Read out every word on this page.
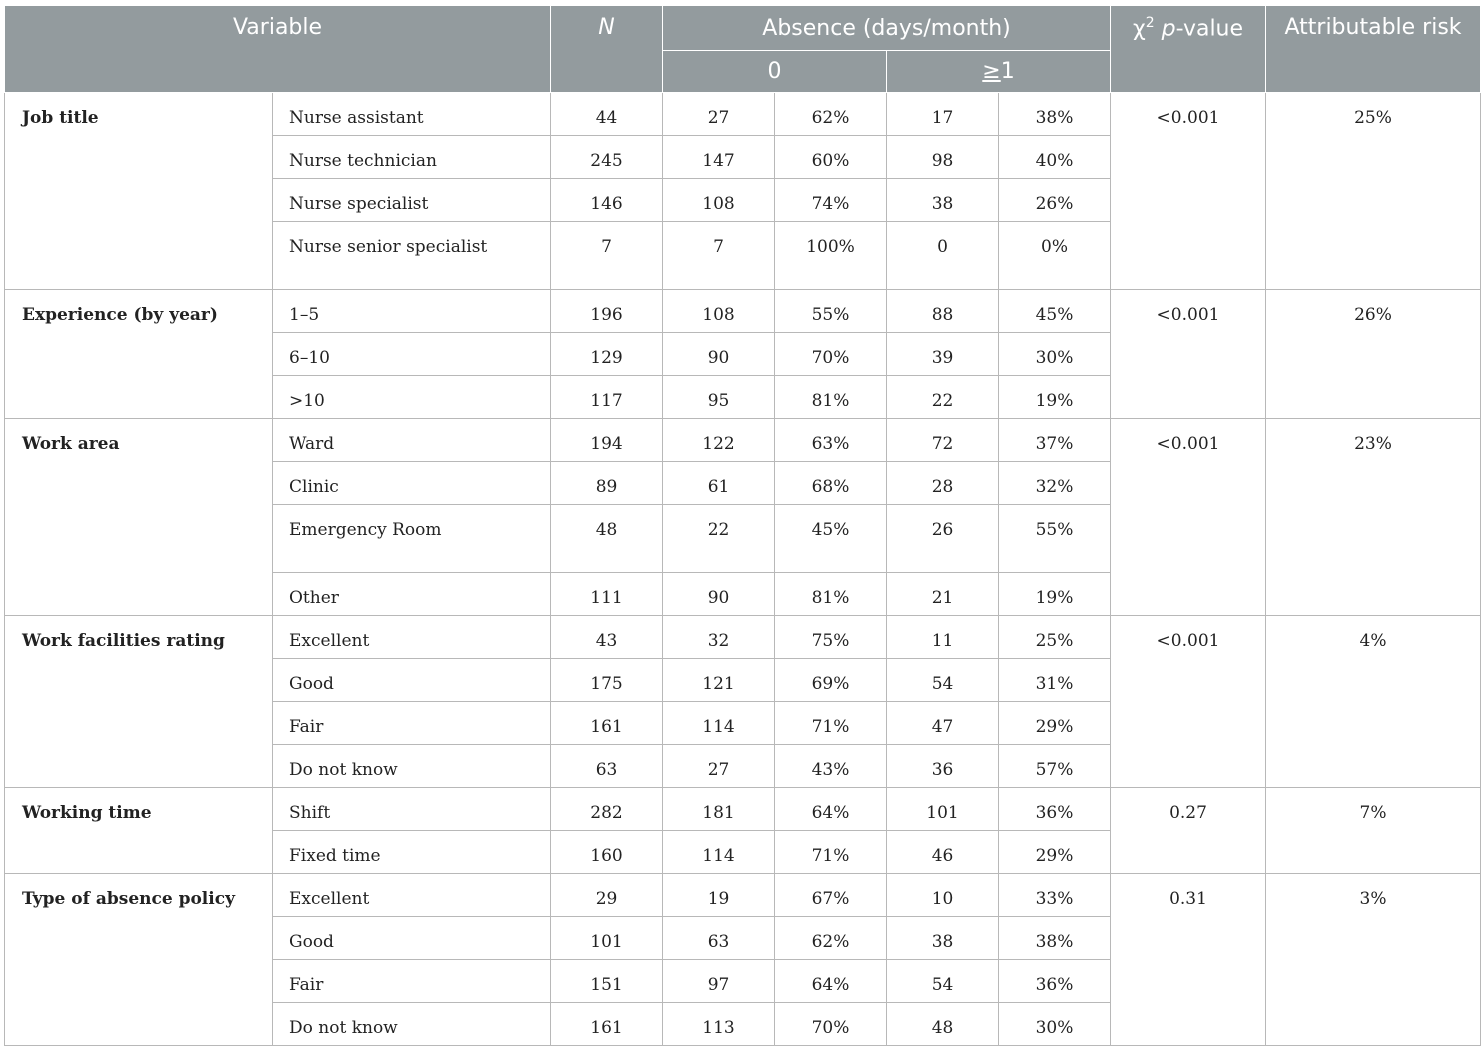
Variable		N	Absence (days/month)				$\chi^2$ p-value	Attributable risk
			0		≥1			
Job title	Nurse assistant	44	27	62%	17	38%	<0.001	25%
	Nurse technician	245	147	60%	98	40%		
	Nurse specialist	146	108	74%	38	26%		
	Nurse senior specialist	7	7	100%	0	0%		
Experience (by year)	1–5	196	108	55%	88	45%	<0.001	26%
	6–10	129	90	70%	39	30%		
	>10	117	95	81%	22	19%		
Work area	Ward	194	122	63%	72	37%	<0.001	23%
	Clinic	89	61	68%	28	32%		
	Emergency Room	48	22	45%	26	55%		
	Other	111	90	81%	21	19%		
Work facilities rating	Excellent	43	32	75%	11	25%	<0.001	4%
	Good	175	121	69%	54	31%		
	Fair	161	114	71%	47	29%		
	Do not know	63	27	43%	36	57%		
Working time	Shift	282	181	64%	101	36%	0.27	7%
	Fixed time	160	114	71%	46	29%		
Type of absence policy	Excellent	29	19	67%	10	33%	0.31	3%
	Good	101	63	62%	38	38%		
	Fair	151	97	64%	54	36%		
	Do not know	161	113	70%	48	30%		
